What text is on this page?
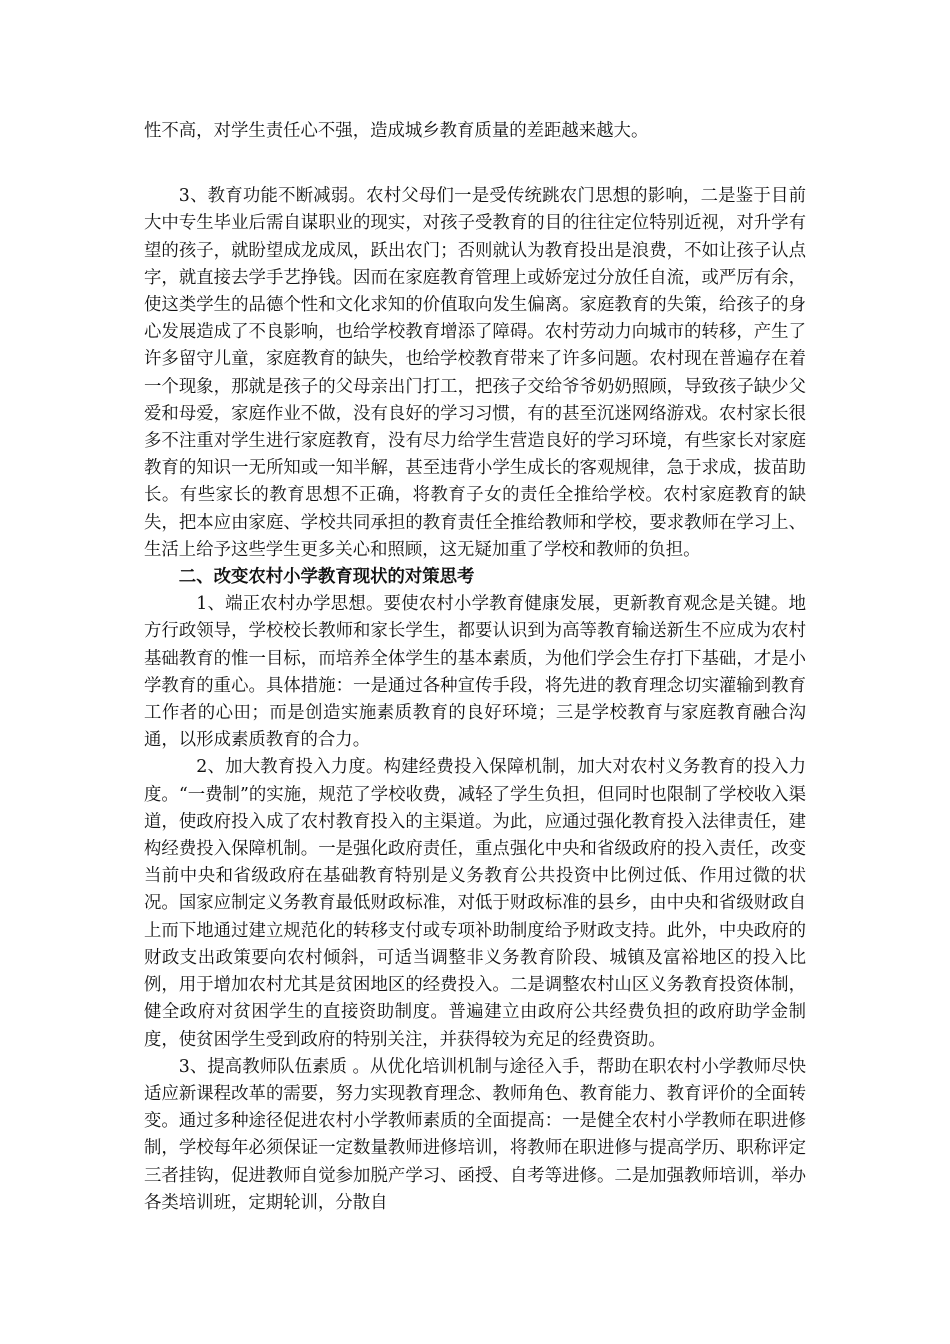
性不高，对学生责任心不强，造成城乡教育质量的差距越来越大。

3、教育功能不断减弱。农村父母们一是受传统跳农门思想的影响，二是鉴于目前大中专生毕业后需自谋职业的现实，对孩子受教育的目的往往定位特别近视，对升学有望的孩子，就盼望成龙成凤，跃出农门；否则就认为教育投出是浪费，不如让孩子认点字，就直接去学手艺挣钱。因而在家庭教育管理上或娇宠过分放任自流，或严厉有余，使这类学生的品德个性和文化求知的价值取向发生偏离。家庭教育的失策，给孩子的身心发展造成了不良影响，也给学校教育增添了障碍。农村劳动力向城市的转移，产生了许多留守儿童，家庭教育的缺失，也给学校教育带来了许多问题。农村现在普遍存在着一个现象，那就是孩子的父母亲出门打工，把孩子交给爷爷奶奶照顾，导致孩子缺少父爱和母爱，家庭作业不做，没有良好的学习习惯，有的甚至沉迷网络游戏。农村家长很多不注重对学生进行家庭教育，没有尽力给学生营造良好的学习环境，有些家长对家庭教育的知识一无所知或一知半解，甚至违背小学生成长的客观规律，急于求成，拔苗助长。有些家长的教育思想不正确，将教育子女的责任全推给学校。农村家庭教育的缺失，把本应由家庭、学校共同承担的教育责任全推给教师和学校，要求教师在学习上、生活上给予这些学生更多关心和照顾，这无疑加重了学校和教师的负担。

二、改变农村小学教育现状的对策思考

1、端正农村办学思想。要使农村小学教育健康发展，更新教育观念是关键。地方行政领导，学校校长教师和家长学生，都要认识到为高等教育输送新生不应成为农村基础教育的惟一目标，而培养全体学生的基本素质，为他们学会生存打下基础，才是小学教育的重心。具体措施：一是通过各种宣传手段，将先进的教育理念切实灌输到教育工作者的心田；而是创造实施素质教育的良好环境；三是学校教育与家庭教育融合沟通，以形成素质教育的合力。

2、加大教育投入力度。构建经费投入保障机制，加大对农村义务教育的投入力度。“一费制”的实施，规范了学校收费，减轻了学生负担，但同时也限制了学校收入渠道，使政府投入成了农村教育投入的主渠道。为此，应通过强化教育投入法律责任，建构经费投入保障机制。一是强化政府责任，重点强化中央和省级政府的投入责任，改变当前中央和省级政府在基础教育特别是义务教育公共投资中比例过低、作用过微的状况。国家应制定义务教育最低财政标准，对低于财政标准的县乡，由中央和省级财政自上而下地通过建立规范化的转移支付或专项补助制度给予财政支持。此外，中央政府的财政支出政策要向农村倾斜，可适当调整非义务教育阶段、城镇及富裕地区的投入比例，用于增加农村尤其是贫困地区的经费投入。二是调整农村山区义务教育投资体制，健全政府对贫困学生的直接资助制度。普遍建立由政府公共经费负担的政府助学金制度，使贫困学生受到政府的特别关注，并获得较为充足的经费资助。

3、提高教师队伍素质 。从优化培训机制与途径入手，帮助在职农村小学教师尽快适应新课程改革的需要，努力实现教育理念、教师角色、教育能力、教育评价的全面转变。通过多种途径促进农村小学教师素质的全面提高：一是健全农村小学教师在职进修制，学校每年必须保证一定数量教师进修培训，将教师在职进修与提高学历、职称评定三者挂钩，促进教师自觉参加脱产学习、函授、自考等进修。二是加强教师培训，举办各类培训班，定期轮训，分散自
